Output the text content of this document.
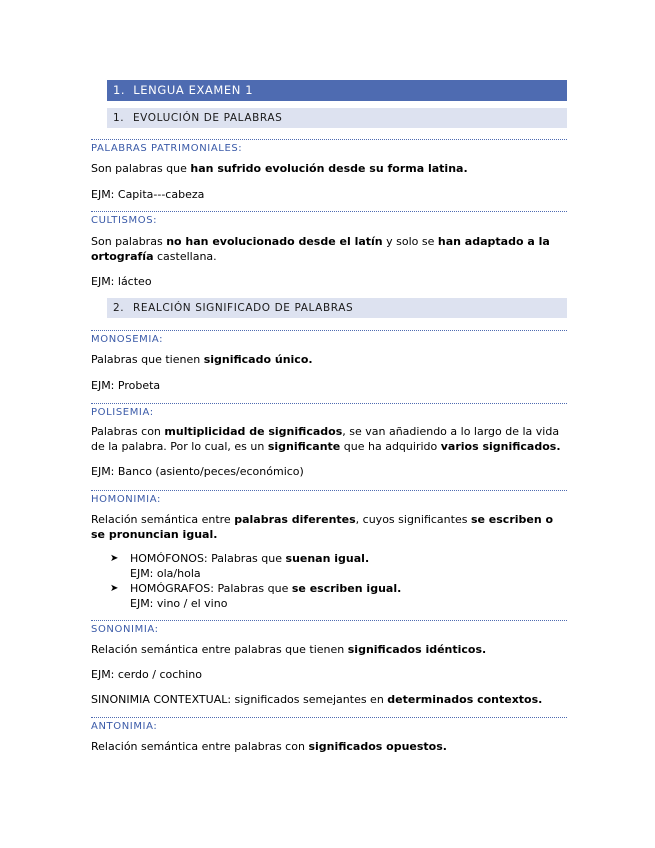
1. LENGUA EXAMEN 1
1. EVOLUCIÓN DE PALABRAS
PALABRAS PATRIMONIALES:
Son palabras que han sufrido evolución desde su forma latina.
EJM: Capita---cabeza
CULTISMOS:
Son palabras no han evolucionado desde el latín y solo se han adaptado a la ortografía castellana.
EJM: lácteo
2. REALCIÓN SIGNIFICADO DE PALABRAS
MONOSEMIA:
Palabras que tienen significado único.
EJM: Probeta
POLISEMIA:
Palabras con multiplicidad de significados, se van añadiendo a lo largo de la vida de la palabra. Por lo cual, es un significante que ha adquirido varios significados.
EJM: Banco (asiento/peces/económico)
HOMONIMIA:
Relación semántica entre palabras diferentes, cuyos significantes se escriben o se pronuncian igual.
➤ HOMÓFONOS: Palabras que suenan igual.
EJM: ola/hola
➤ HOMÓGRAFOS: Palabras que se escriben igual.
EJM: vino / el vino
SONONIMIA:
Relación semántica entre palabras que tienen significados idénticos.
EJM: cerdo / cochino
SINONIMIA CONTEXTUAL: significados semejantes en determinados contextos.
ANTONIMIA:
Relación semántica entre palabras con significados opuestos.
